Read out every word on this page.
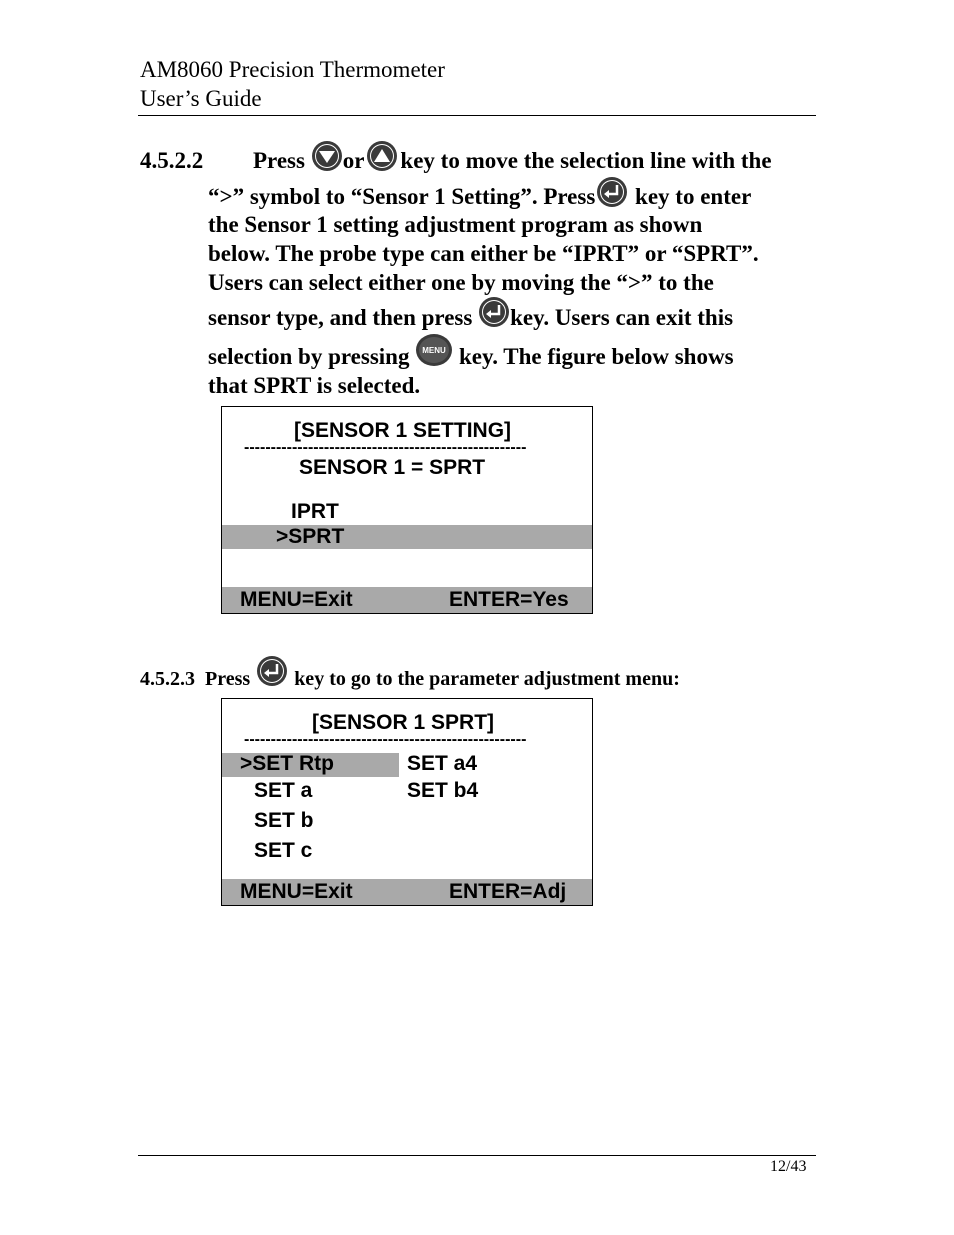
AM8060 Precision Thermometer
User’s Guide
4.5.2.2 Press or key to move the selection line with the
“>” symbol to “Sensor 1 Setting”. Press key to enter
the Sensor 1 setting adjustment program as shown
below. The probe type can either be “IPRT” or “SPRT”.
Users can select either one by moving the “>” to the
sensor type, and then press key. Users can exit this
selection by pressing MENU key. The figure below shows
that SPRT is selected.
[SENSOR 1 SETTING]
-----------------------------------------------------
SENSOR 1 = SPRT
IPRT
>SPRT
MENU=Exit	ENTER=Yes
4.5.2.3 Press  key to go to the parameter adjustment menu:
[SENSOR 1 SPRT]
-----------------------------------------------------
>SET Rtp
SET a
SET b
SET c
SET a4
SET b4
MENU=Exit	ENTER=Adj
12/43
